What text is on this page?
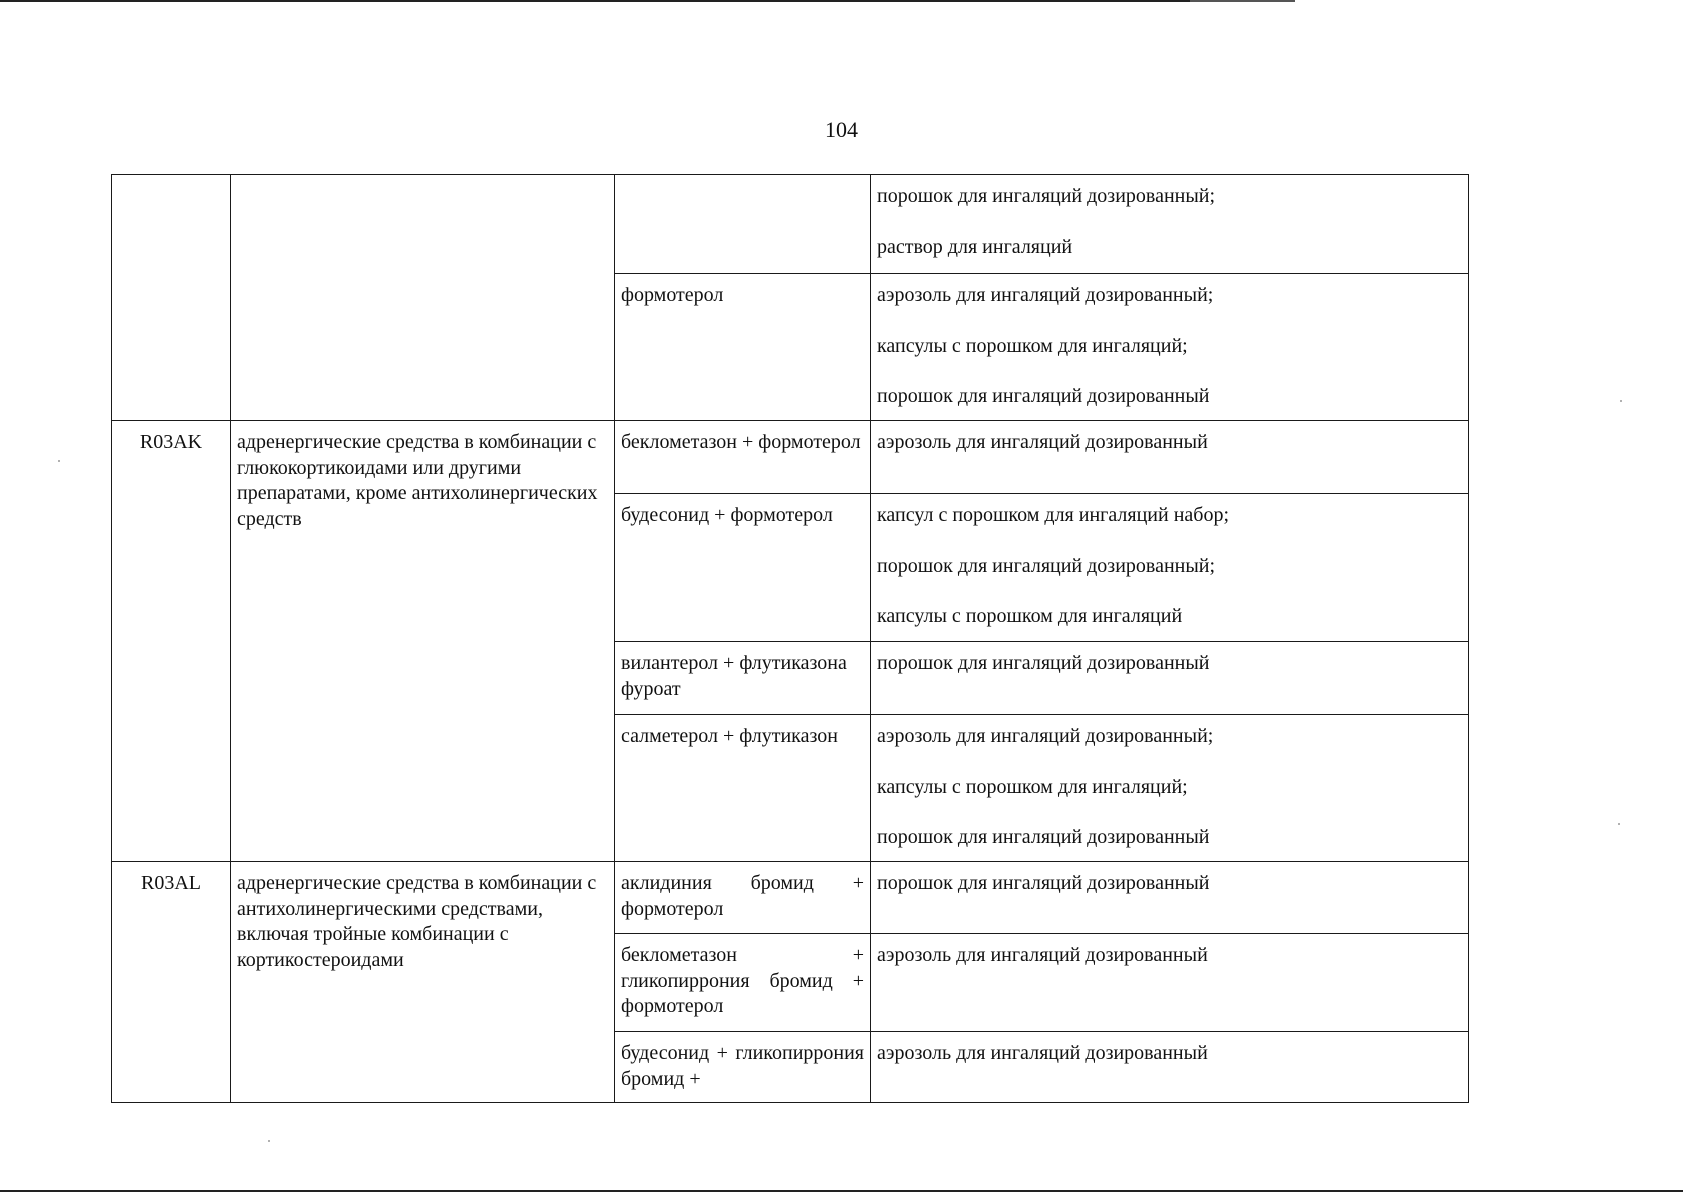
104

			порошок для ингаляций дозированный;
раствор для ингаляций

		формотерол	аэрозоль для ингаляций дозированный;
капсулы с порошком для ингаляций;
порошок для ингаляций дозированный

R03AK	адренергические средства в комбинации с глюкокортикоидами или другими препаратами, кроме антихолинергических средств	беклометазон + формотерол	аэрозоль для ингаляций дозированный

		будесонид + формотерол	капсул с порошком для ингаляций набор;
порошок для ингаляций дозированный;
капсулы с порошком для ингаляций

		вилантерол + флутиказона фуроат	порошок для ингаляций дозированный

		салметерол + флутиказон	аэрозоль для ингаляций дозированный;
капсулы с порошком для ингаляций;
порошок для ингаляций дозированный

R03AL	адренергические средства в комбинации с антихолинергическими средствами, включая тройные комбинации с кортикостероидами	аклидиния бромид + формотерол	порошок для ингаляций дозированный

		беклометазон + гликопиррония бромид + формотерол	аэрозоль для ингаляций дозированный

		будесонид + гликопиррония бромид +	аэрозоль для ингаляций дозированный
